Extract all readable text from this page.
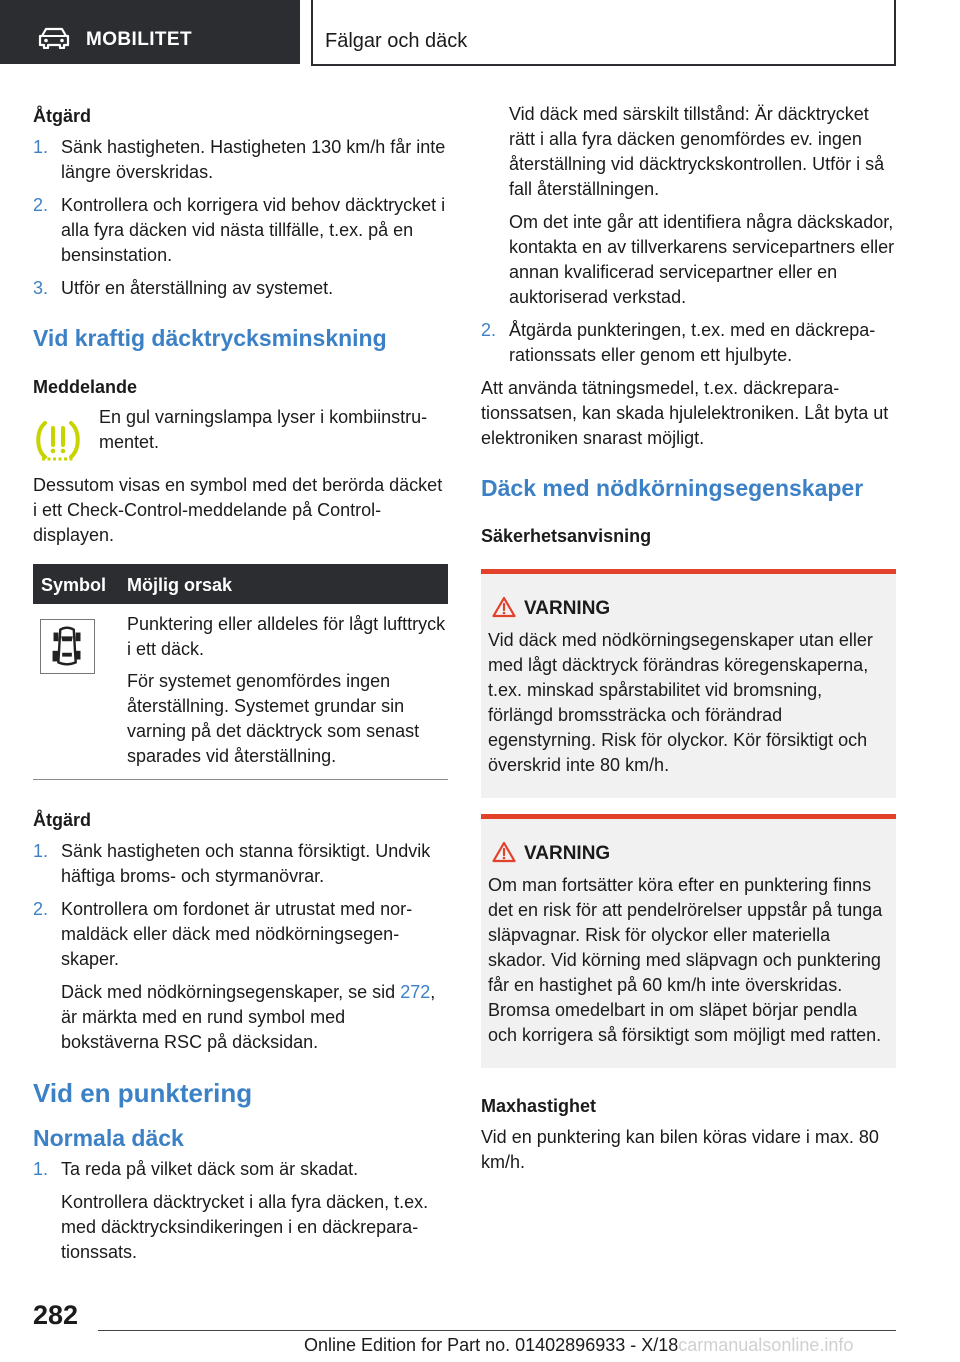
MOBILITET	Fälgar och däck
Åtgärd
1. Sänk hastigheten. Hastigheten 130 km/h får inte längre överskridas.
2. Kontrollera och korrigera vid behov däcktrycket i alla fyra däcken vid nästa tillfälle, t.ex. på en bensinstation.
3. Utför en återställning av systemet.
Vid kraftig däcktrycksminskning
Meddelande
En gul varningslampa lyser i kombiinstrumentet.
Dessutom visas en symbol med det berörda däcket i ett Check-Control-meddelande på Control-displayen.
Symbol Möjlig orsak
Punktering eller alldeles för lågt lufttryck i ett däck.
För systemet genomfördes ingen återställning. Systemet grundar sin varning på det däcktryck som senast sparades vid återställning.
Åtgärd
1. Sänk hastigheten och stanna försiktigt. Undvik häftiga broms- och styrmanövrar.
2. Kontrollera om fordonet är utrustat med normaldäck eller däck med nödkörningsegenskaper.
Däck med nödkörningsegenskaper, se sid 272, är märkta med en rund symbol med bokstäverna RSC på däcksidan.
Vid en punktering
Normala däck
1. Ta reda på vilket däck som är skadat.
Kontrollera däcktrycket i alla fyra däcken, t.ex. med däcktrycksindikeringen i en däckreparationssats.
Vid däck med särskilt tillstånd: Är däcktrycket rätt i alla fyra däcken genomfördes ev. ingen återställning vid däcktryckskontrollen. Utför i så fall återställningen.
Om det inte går att identifiera några däckskador, kontakta en av tillverkarens servicepartners eller annan kvalificerad servicepartner eller en auktoriserad verkstad.
2. Åtgärda punkteringen, t.ex. med en däckreparationssats eller genom ett hjulbyte.
Att använda tätningsmedel, t.ex. däckreparationssatsen, kan skada hjulelektroniken. Låt byta ut elektroniken snarast möjligt.
Däck med nödkörningsegenskaper
Säkerhetsanvisning
VARNING
Vid däck med nödkörningsegenskaper utan eller med lågt däcktryck förändras köregenskaperna, t.ex. minskad spårstabilitet vid bromsning, förlängd bromssträcka och förändrad egenstyrning. Risk för olyckor. Kör försiktigt och överskrid inte 80 km/h.
VARNING
Om man fortsätter köra efter en punktering finns det en risk för att pendelrörelser uppstår på tunga släpvagnar. Risk för olyckor eller materiella skador. Vid körning med släpvagn och punktering får en hastighet på 60 km/h inte överskridas. Bromsa omedelbart in om släpet börjar pendla och korrigera så försiktigt som möjligt med ratten.
Maxhastighet
Vid en punktering kan bilen köras vidare i max. 80 km/h.
282
Online Edition for Part no. 01402896933 - X/18carmanualsonline.info
